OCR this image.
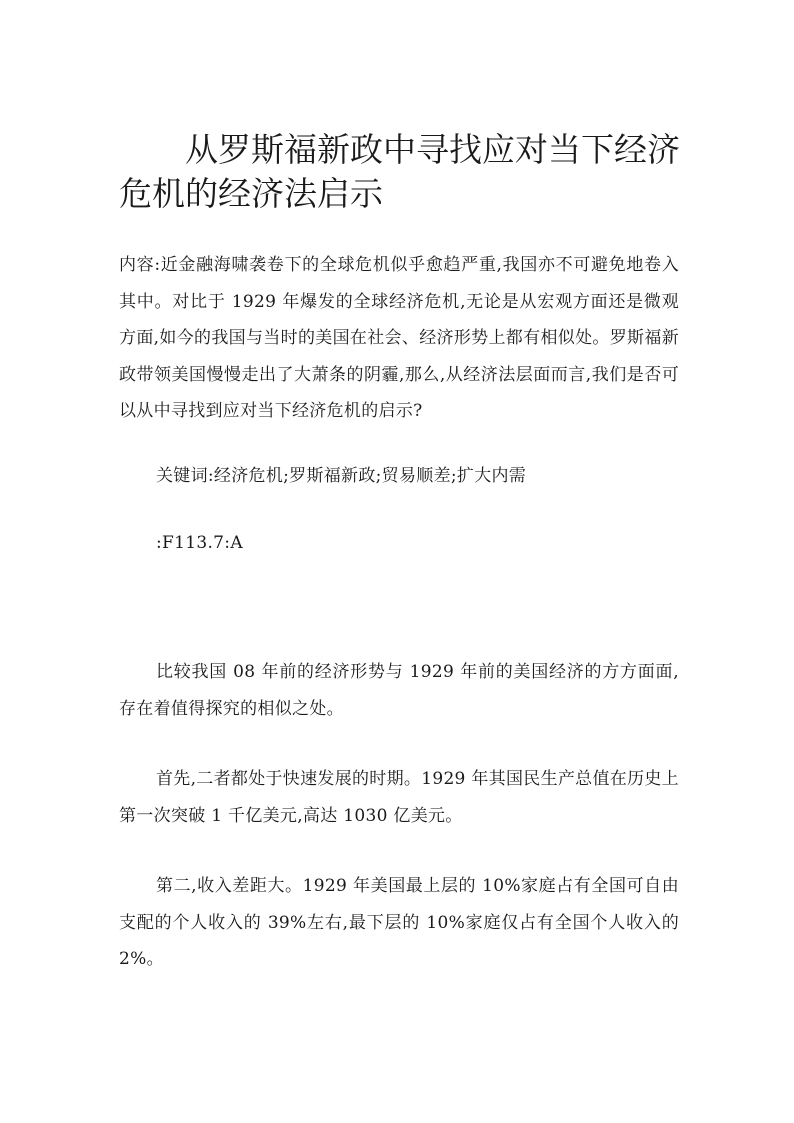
从罗斯福新政中寻找应对当下经济危机的经济法启示

内容:近金融海啸袭卷下的全球危机似乎愈趋严重,我国亦不可避免地卷入其中。对比于 1929 年爆发的全球经济危机,无论是从宏观方面还是微观方面,如今的我国与当时的美国在社会、经济形势上都有相似处。罗斯福新政带领美国慢慢走出了大萧条的阴霾,那么,从经济法层面而言,我们是否可以从中寻找到应对当下经济危机的启示?

关键词:经济危机;罗斯福新政;贸易顺差;扩大内需

:F113.7:A

比较我国 08 年前的经济形势与 1929 年前的美国经济的方方面面,存在着值得探究的相似之处。

首先,二者都处于快速发展的时期。1929 年其国民生产总值在历史上第一次突破 1 千亿美元,高达 1030 亿美元。

第二,收入差距大。1929 年美国最上层的 10%家庭占有全国可自由支配的个人收入的 39%左右,最下层的 10%家庭仅占有全国个人收入的 2%。
